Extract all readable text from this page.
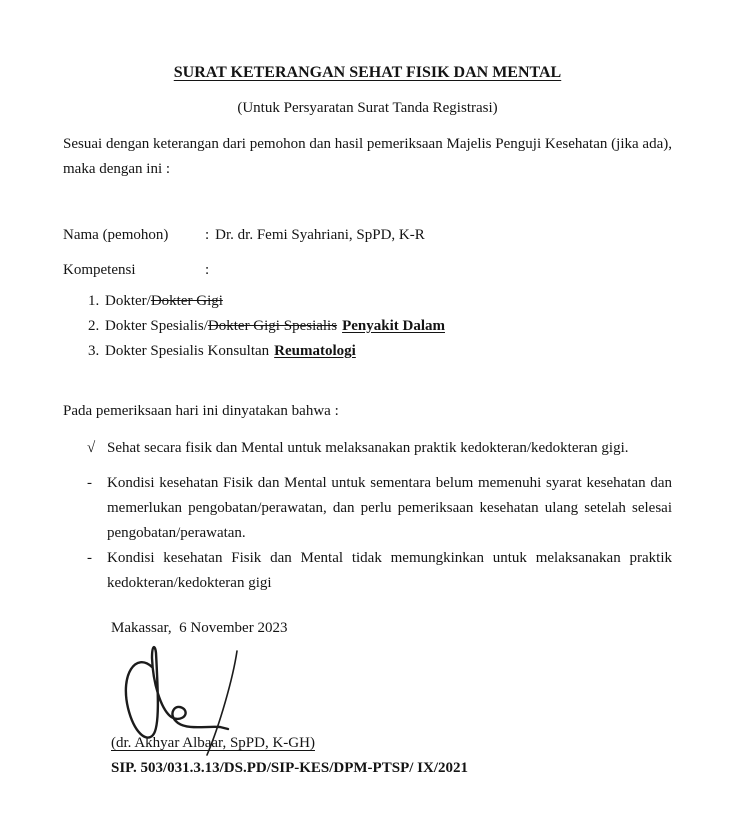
SURAT KETERANGAN SEHAT FISIK DAN MENTAL
(Untuk Persyaratan Surat Tanda Registrasi)
Sesuai dengan keterangan dari pemohon dan hasil pemeriksaan Majelis Penguji Kesehatan (jika ada), maka dengan ini :
Nama (pemohon) : Dr. dr. Femi Syahriani, SpPD, K-R
Kompetensi	:
1. Dokter/Dokter Gigi
2. Dokter Spesialis/Dokter Gigi Spesialis Penyakit Dalam
3. Dokter Spesialis Konsultan Reumatologi
Pada pemeriksaan hari ini dinyatakan bahwa :
√ Sehat secara fisik dan Mental untuk melaksanakan praktik kedokteran/kedokteran gigi.
-	Kondisi kesehatan Fisik dan Mental untuk sementara belum memenuhi syarat kesehatan dan memerlukan pengobatan/perawatan, dan perlu pemeriksaan kesehatan ulang setelah selesai pengobatan/perawatan.
-	Kondisi kesehatan Fisik dan Mental tidak memungkinkan untuk melaksanakan praktik kedokteran/kedokteran gigi
Makassar,  6 November 2023
(dr. Akhyar Albaar, SpPD, K-GH)
SIP. 503/031.3.13/DS.PD/SIP-KES/DPM-PTSP/ IX/2021
